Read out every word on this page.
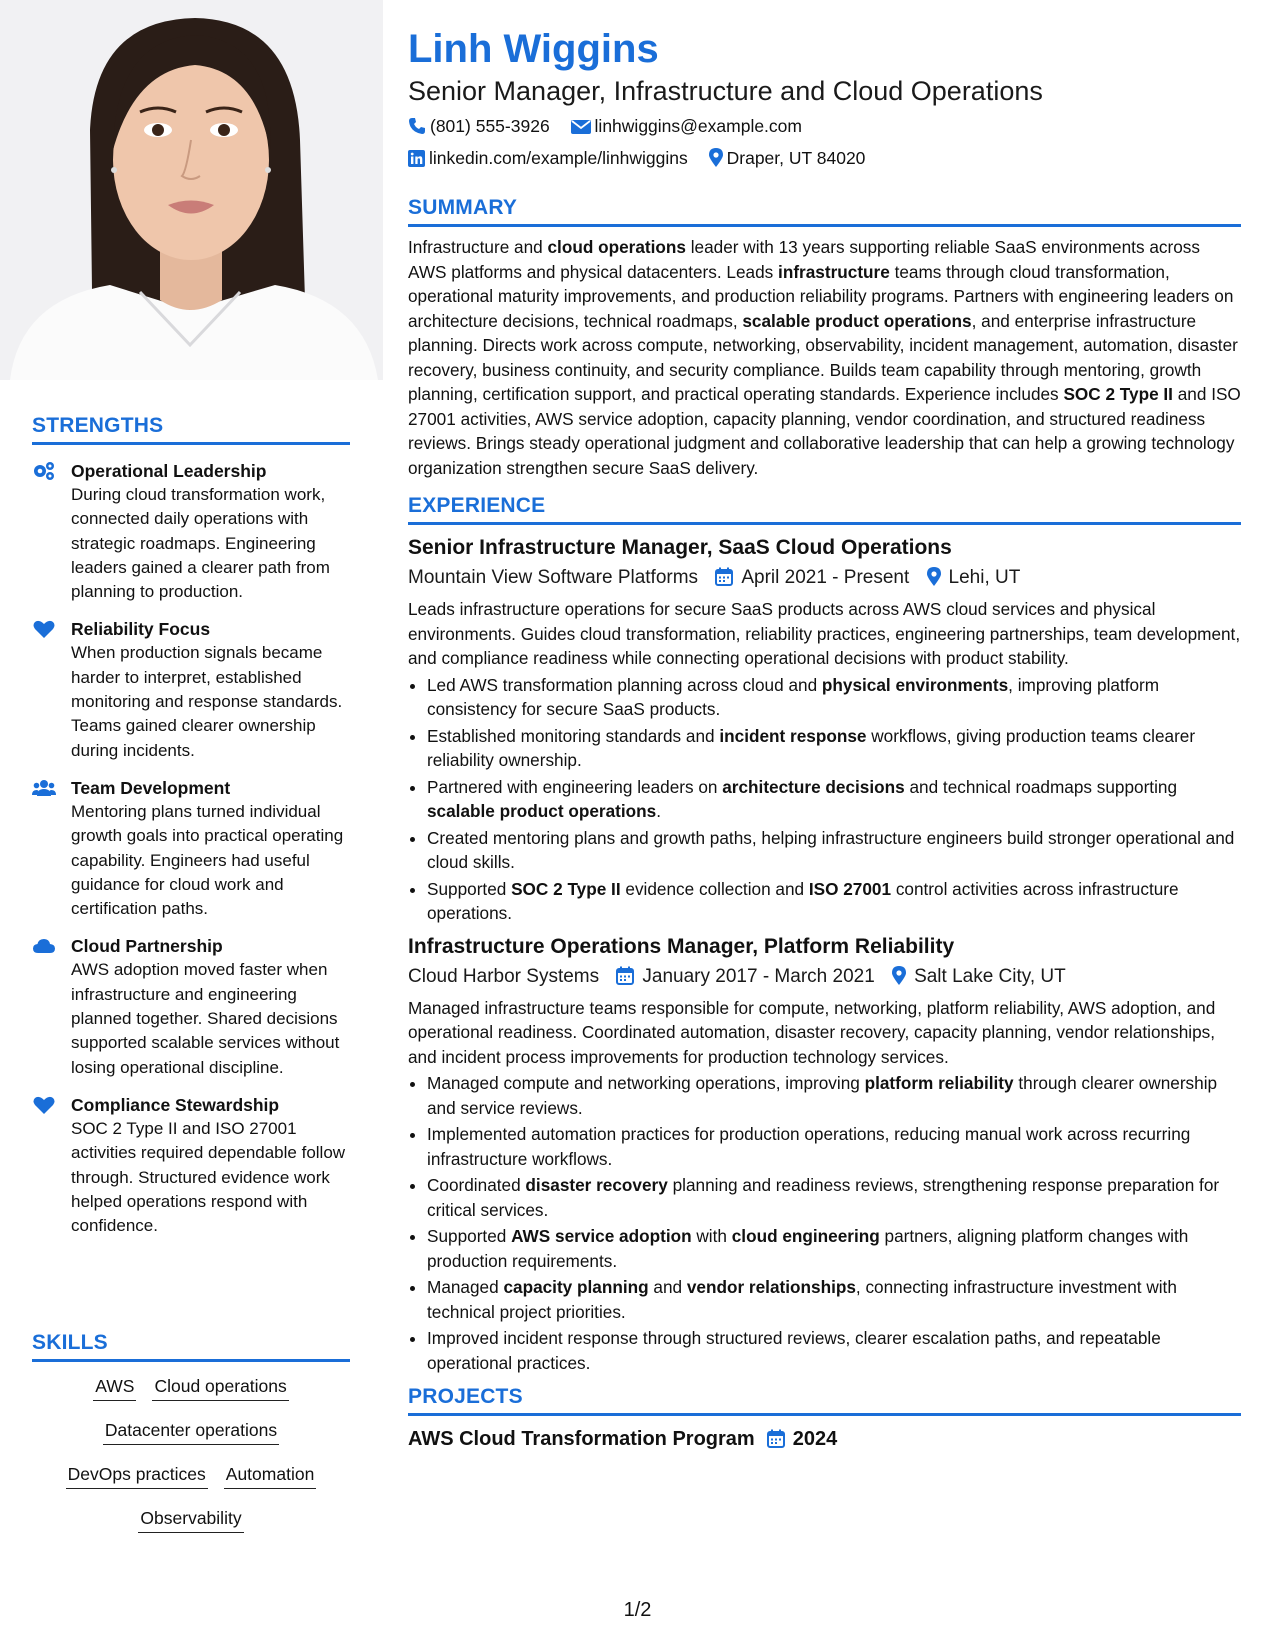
STRENGTHS
Operational Leadership
During cloud transformation work, connected daily operations with strategic roadmaps. Engineering leaders gained a clearer path from planning to production.
Reliability Focus
When production signals became harder to interpret, established monitoring and response standards. Teams gained clearer ownership during incidents.
Team Development
Mentoring plans turned individual growth goals into practical operating capability. Engineers had useful guidance for cloud work and certification paths.
Cloud Partnership
AWS adoption moved faster when infrastructure and engineering planned together. Shared decisions supported scalable services without losing operational discipline.
Compliance Stewardship
SOC 2 Type II and ISO 27001 activities required dependable follow through. Structured evidence work helped operations respond with confidence.
SKILLS
AWS Cloud operations
Datacenter operations
DevOps practices Automation
Observability
Linh Wiggins
Senior Manager, Infrastructure and Cloud Operations
(801) 555-3926	linhwiggins@example.com
linkedin.com/example/linhwiggins Draper, UT 84020
SUMMARY

Infrastructure and cloud operations leader with 13 years supporting reliable SaaS environments across AWS platforms and physical datacenters. Leads infrastructure teams through cloud transformation, operational maturity improvements, and production reliability programs. Partners with engineering leaders on architecture decisions, technical roadmaps, scalable product operations, and enterprise infrastructure planning. Directs work across compute, networking, observability, incident management, automation, disaster recovery, business continuity, and security compliance. Builds team capability through mentoring, growth planning, certification support, and practical operating standards. Experience includes SOC 2 Type II and ISO 27001 activities, AWS service adoption, capacity planning, vendor coordination, and structured readiness reviews. Brings steady operational judgment and collaborative leadership that can help a growing technology organization strengthen secure SaaS delivery.

EXPERIENCE
Senior Infrastructure Manager, SaaS Cloud Operations
Mountain View Software Platforms April 2021 - Present Lehi, UT
Leads infrastructure operations for secure SaaS products across AWS cloud services and physical environments. Guides cloud transformation, reliability practices, engineering partnerships, team development, and compliance readiness while connecting operational decisions with product stability.
• Led AWS transformation planning across cloud and physical environments, improving platform consistency for secure SaaS products.
• Established monitoring standards and incident response workflows, giving production teams clearer reliability ownership.
• Partnered with engineering leaders on architecture decisions and technical roadmaps supporting scalable product operations.
• Created mentoring plans and growth paths, helping infrastructure engineers build stronger operational and cloud skills.
• Supported SOC 2 Type II evidence collection and ISO 27001 control activities across infrastructure operations.
Infrastructure Operations Manager, Platform Reliability
Cloud Harbor Systems January 2017 - March 2021 Salt Lake City, UT
Managed infrastructure teams responsible for compute, networking, platform reliability, AWS adoption, and operational readiness. Coordinated automation, disaster recovery, capacity planning, vendor relationships, and incident process improvements for production technology services.
• Managed compute and networking operations, improving platform reliability through clearer ownership and service reviews.
• Implemented automation practices for production operations, reducing manual work across recurring infrastructure workflows.
• Coordinated disaster recovery planning and readiness reviews, strengthening response preparation for critical services.
• Supported AWS service adoption with cloud engineering partners, aligning platform changes with production requirements.
• Managed capacity planning and vendor relationships, connecting infrastructure investment with technical project priorities.
• Improved incident response through structured reviews, clearer escalation paths, and repeatable operational practices.
PROJECTS
AWS Cloud Transformation Program 2024
1/2
